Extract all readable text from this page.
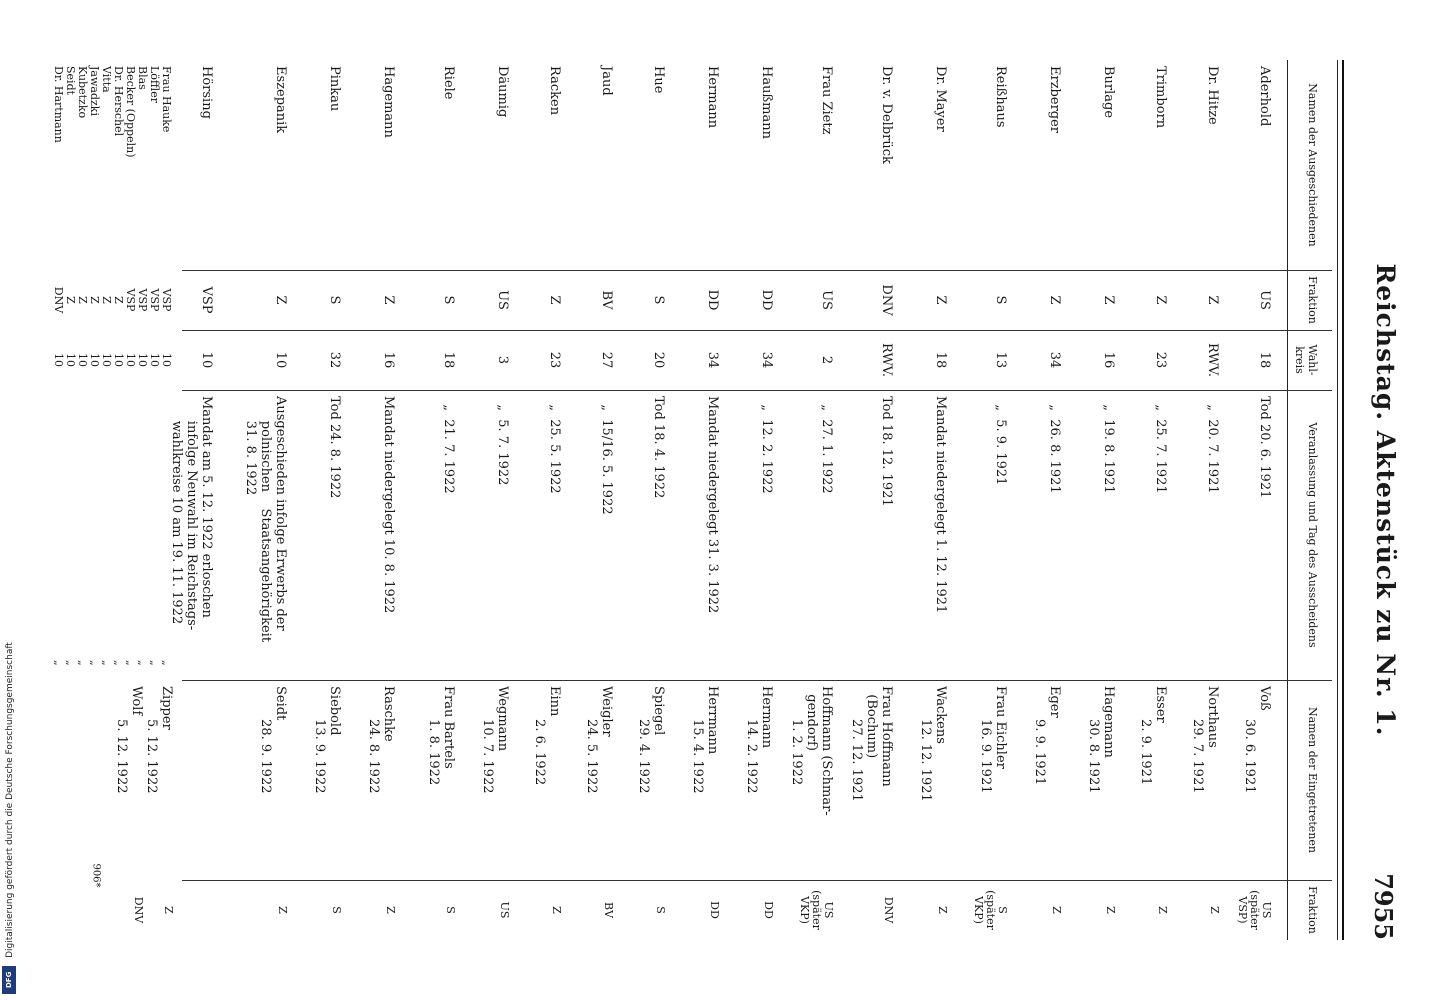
Digitalisierung gefördert durch die Deutsche Forschungsgemeinschaft
DFG
906*
Reichstag. Aktenstück zu Nr. 1.
7955
Namen der Ausgeschiedenen
Fraktion
Wahl-
kreis
Veranlassung und Tag des Ausscheidens
Namen der Eingetretenen
Fraktion
Aderhold
US
18
Tod 20. 6. 1921
Voß
30. 6. 1921
US
(später
VSP)
Dr. Hitze
Z
RWV.
„  20. 7. 1921
Northaus
29. 7. 1921
Z
Trimborn
Z
23
„  25. 7. 1921
Esser
2. 9. 1921
Z
Burlage
Z
16
„  19. 8. 1921
Hagemann
30. 8. 1921
Z
Erzberger
Z
34
„  26. 8. 1921
Eger
9. 9. 1921
Z
Reißhaus
S
13
„  5. 9. 1921
Frau Eichler
16. 9. 1921
S
(später
VKP)
Dr. Mayer
Z
18
Mandat niedergelegt 1. 12. 1921
Wackens
12. 12. 1921
Z
Dr. v. Delbrück
DNV
RWV.
Tod 18. 12. 1921
Frau Hoffmann
(Bochum)
27. 12. 1921
DNV
Frau Zietz
US
2
„  27. 1. 1922
Hoffmann (Schmar-
gendorf)
1. 2. 1922
US
(später
VKP)
Haußmann
DD
34
„  12. 2. 1922
Hermann
14. 2. 1922
DD
Hermann
DD
34
Mandat niedergelegt 31. 3. 1922
Herrmann
15. 4. 1922
DD
Hue
S
20
Tod 18. 4. 1922
Spiegel
29. 4. 1922
S
Jaud
BV
27
„  15/16. 5. 1922
Weigler
24. 5. 1922
BV
Racken
Z
23
„  25. 5. 1922
Einn
2. 6. 1922
Z
Däumig
US
3
„  5. 7. 1922
Wegmann
10. 7. 1922
US
Riele
S
18
„  21. 7. 1922
Frau Bartels
1. 8. 1922
S
Hagemann
Z
16
Mandat niedergelegt 10. 8. 1922
Raschke
24. 8. 1922
Z
Pinkau
S
32
Tod 24. 8. 1922
Siebold
13. 9. 1922
S
Eszepanik
Z
10
Ausgeschieden infolge Erwerbs der
polnischen    Staatsangehörigkeit
31. 8. 1922
Seidt
28. 9. 1922
Z
Hörsing
VSP
10
Mandat am 5. 12. 1922 erloschen
infolge Neuwahl im Reichstags-
wahlkreise 10 am 19. 11. 1922
Frau Hauke
VSP
10
„
Löffler
VSP
10
„
Blas
VSP
10
„
Becker (Oppeln)
VSP
10
„
Dr. Herschel
Z
10
„
Vitta
Z
10
„
Jawadzki
Z
10
„
Kubetzko
Z
10
„
Seidt
Z
10
„
Dr. Hartmann
DNV
10
„
Zipper
5. 12. 1922
Z
Wolf
5. 12. 1922
DNV
